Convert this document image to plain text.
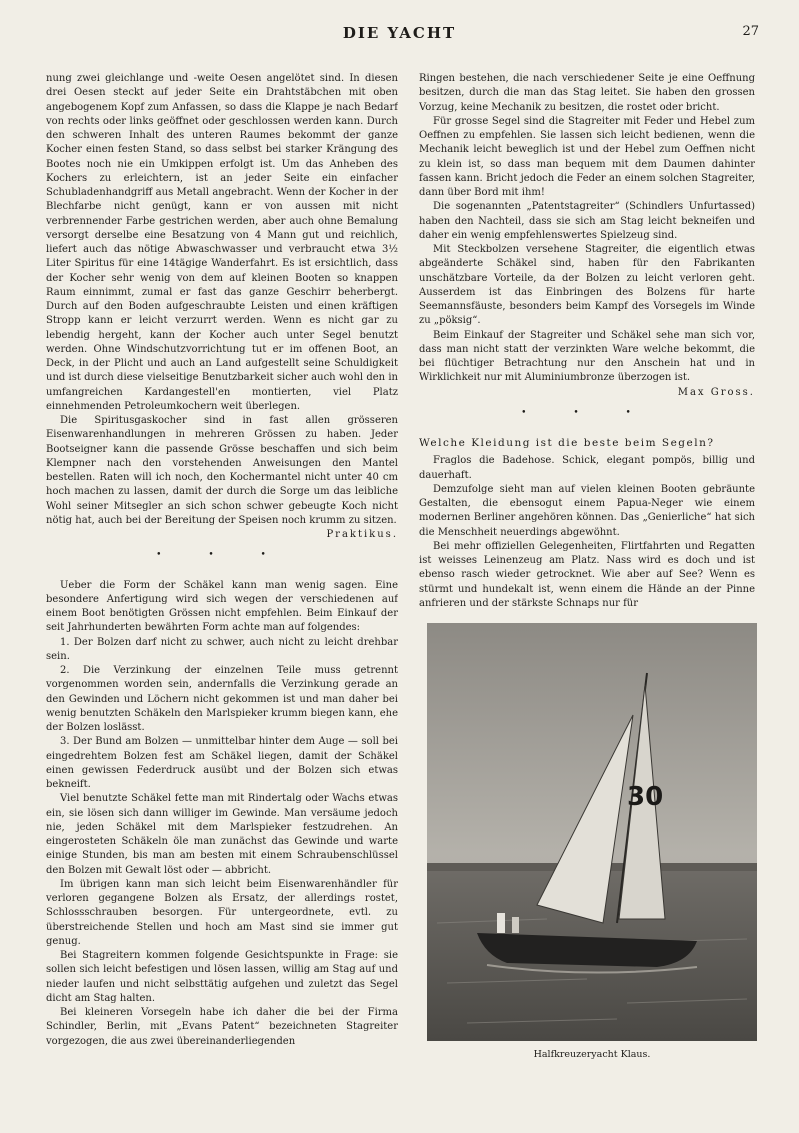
DIE YACHT	27

nung zwei gleichlange und -weite Oesen angelötet sind. In diesen drei Oesen steckt auf jeder Seite ein Drahtstäbchen mit oben angebogenem Kopf zum Anfassen, so dass die Klappe je nach Bedarf von rechts oder links geöffnet oder geschlossen werden kann. Durch den schweren Inhalt des unteren Raumes bekommt der ganze Kocher einen festen Stand, so dass selbst bei starker Krängung des Bootes noch nie ein Umkippen erfolgt ist. Um das Anheben des Kochers zu erleichtern, ist an jeder Seite ein einfacher Schubladenhandgriff aus Metall angebracht. Wenn der Kocher in der Blechfarbe nicht genügt, kann er von aussen mit nicht verbrennender Farbe gestrichen werden, aber auch ohne Bemalung versorgt derselbe eine Besatzung von 4 Mann gut und reichlich, liefert auch das nötige Abwaschwasser und verbraucht etwa 3½ Liter Spiritus für eine 14tägige Wanderfahrt. Es ist ersichtlich, dass der Kocher sehr wenig von dem auf kleinen Booten so knappen Raum einnimmt, zumal er fast das ganze Geschirr beherbergt. Durch auf den Boden aufgeschraubte Leisten und einen kräftigen Stropp kann er leicht verzurrt werden. Wenn es nicht gar zu lebendig hergeht, kann der Kocher auch unter Segel benutzt werden. Ohne Windschutzvorrichtung tut er im offenen Boot, an Deck, in der Plicht und auch an Land aufgestellt seine Schuldigkeit und ist durch diese vielseitige Benutzbarkeit sicher auch wohl den in umfangreichen Kardangestell'en montierten, viel Platz einnehmenden Petroleumkochern weit überlegen.

Die Spiritusgaskocher sind in fast allen grösseren Eisenwarenhandlungen in mehreren Grössen zu haben. Jeder Bootseigner kann die passende Grösse beschaffen und sich beim Klempner nach den vorstehenden Anweisungen den Mantel bestellen. Raten will ich noch, den Kochermantel nicht unter 40 cm hoch machen zu lassen, damit der durch die Sorge um das leibliche Wohl seiner Mitsegler an sich schon schwer gebeugte Koch nicht nötig hat, auch bei der Bereitung der Speisen noch krumm zu sitzen.

Praktikus.

• • •

Ueber die Form der Schäkel kann man wenig sagen. Eine besondere Anfertigung wird sich wegen der verschiedenen auf einem Boot benötigten Grössen nicht empfehlen. Beim Einkauf der seit Jahrhunderten bewährten Form achte man auf folgendes:

1. Der Bolzen darf nicht zu schwer, auch nicht zu leicht drehbar sein.

2. Die Verzinkung der einzelnen Teile muss getrennt vorgenommen worden sein, andernfalls die Verzinkung gerade an den Gewinden und Löchern nicht gekommen ist und man daher bei wenig benutzten Schäkeln den Marlspieker krumm biegen kann, ehe der Bolzen loslässt.

3. Der Bund am Bolzen — unmittelbar hinter dem Auge — soll bei eingedrehtem Bolzen fest am Schäkel liegen, damit der Schäkel einen gewissen Federdruck ausübt und der Bolzen sich etwas bekneift.

Viel benutzte Schäkel fette man mit Rindertalg oder Wachs etwas ein, sie lösen sich dann williger im Gewinde. Man versäume jedoch nie, jeden Schäkel mit dem Marlspieker festzudrehen. An eingerosteten Schäkeln öle man zunächst das Gewinde und warte einige Stunden, bis man am besten mit einem Schraubenschlüssel den Bolzen mit Gewalt löst oder — abbricht.

Im übrigen kann man sich leicht beim Eisenwarenhändler für verloren gegangene Bolzen als Ersatz, der allerdings rostet, Schlossschrauben besorgen. Für untergeordnete, evtl. zu überstreichende Stellen und hoch am Mast sind sie immer gut genug.

Bei Stagreitern kommen folgende Gesichtspunkte in Frage: sie sollen sich leicht befestigen und lösen lassen, willig am Stag auf und nieder laufen und nicht selbsttätig aufgehen und zuletzt das Segel dicht am Stag halten.

Bei kleineren Vorsegeln habe ich daher die bei der Firma Schindler, Berlin, mit „Evans Patent“ bezeichneten Stagreiter vorgezogen, die aus zwei übereinanderliegenden

Ringen bestehen, die nach verschiedener Seite je eine Oeffnung besitzen, durch die man das Stag leitet. Sie haben den grossen Vorzug, keine Mechanik zu besitzen, die rostet oder bricht.

Für grosse Segel sind die Stagreiter mit Feder und Hebel zum Oeffnen zu empfehlen. Sie lassen sich leicht bedienen, wenn die Mechanik leicht beweglich ist und der Hebel zum Oeffnen nicht zu klein ist, so dass man bequem mit dem Daumen dahinter fassen kann. Bricht jedoch die Feder an einem solchen Stagreiter, dann über Bord mit ihm!

Die sogenannten „Patentstagreiter“ (Schindlers Unfurtassed) haben den Nachteil, dass sie sich am Stag leicht bekneifen und daher ein wenig empfehlenswertes Spielzeug sind.

Mit Steckbolzen versehene Stagreiter, die eigentlich etwas abgeänderte Schäkel sind, haben für den Fabrikanten unschätzbare Vorteile, da der Bolzen zu leicht verloren geht. Ausserdem ist das Einbringen des Bolzens für harte Seemannsfäuste, besonders beim Kampf des Vorsegels im Winde zu „pöksig“.

Beim Einkauf der Stagreiter und Schäkel sehe man sich vor, dass man nicht statt der verzinkten Ware welche bekommt, die bei flüchtiger Betrachtung nur den Anschein hat und in Wirklichkeit nur mit Aluminiumbronze überzogen ist.

Max Gross.

• • •
Welche Kleidung ist die beste beim Segeln?

Fraglos die Badehose. Schick, elegant pompös, billig und dauerhaft.

Demzufolge sieht man auf vielen kleinen Booten gebräunte Gestalten, die ebensogut einem Papua-Neger wie einem modernen Berliner angehören können. Das „Genierliche“ hat sich die Menschheit neuerdings abgewöhnt.

Bei mehr offiziellen Gelegenheiten, Flirtfahrten und Regatten ist weisses Leinenzeug am Platz. Nass wird es doch und ist ebenso rasch wieder getrocknet. Wie aber auf See? Wenn es stürmt und hundekalt ist, wenn einem die Hände an der Pinne anfrieren und der stärkste Schnaps nur für

30
Halfkreuzeryacht Klaus.
